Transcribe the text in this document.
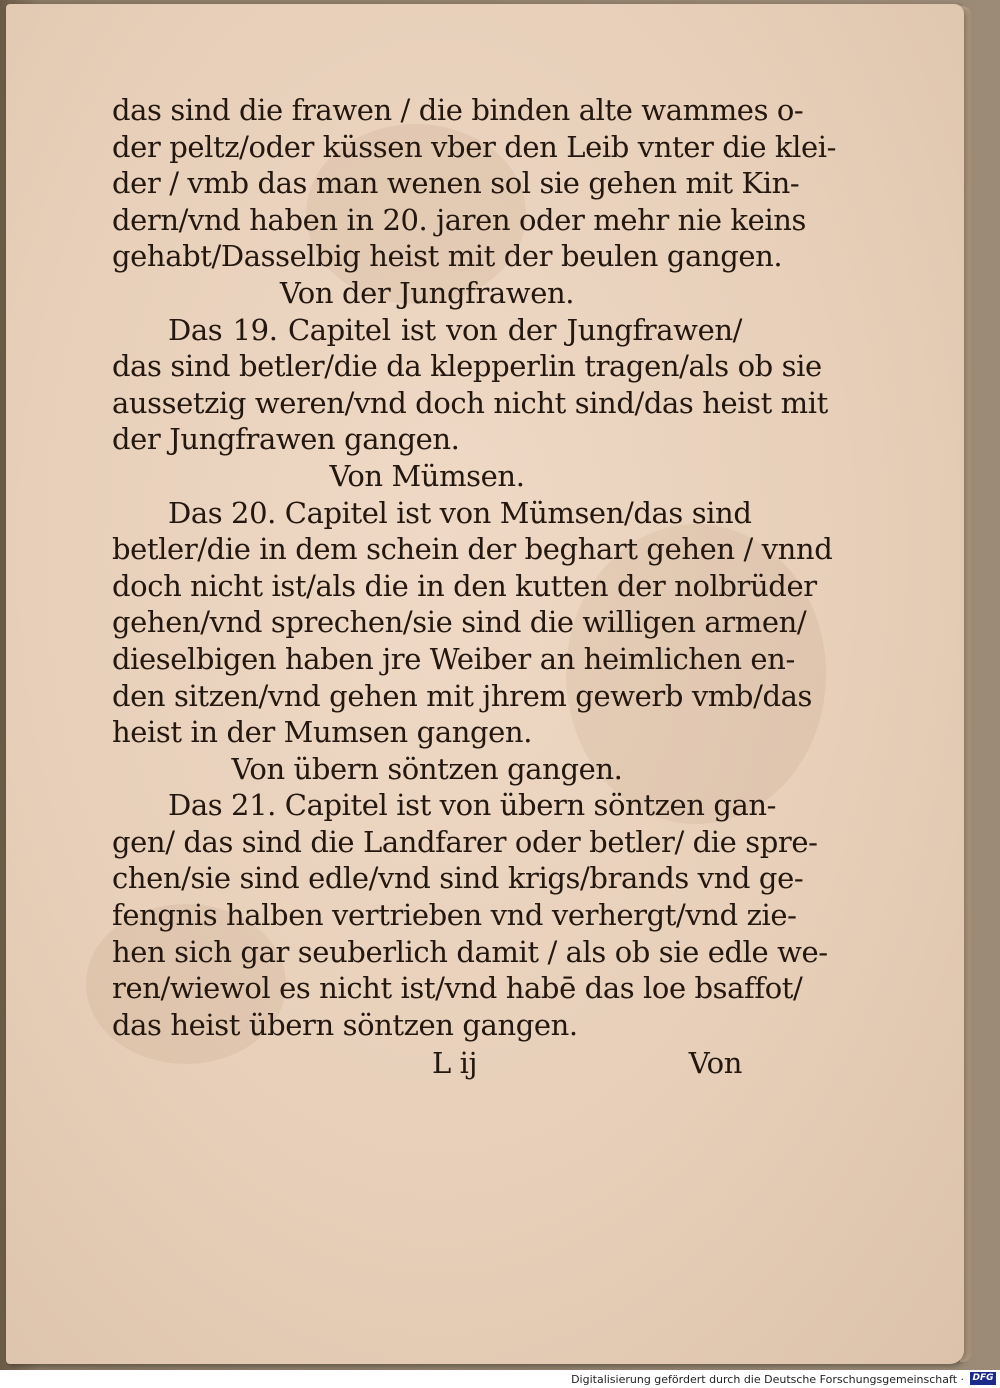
das sind die frawen / die binden alte wammes o-
der peltz/oder küssen vber den Leib vnter die klei-
der / vmb das man wenen sol sie gehen mit Kin-
dern/vnd haben in 20. jaren oder mehr nie keins
gehabt/Dasselbig heist mit der beulen gangen.
Von der Jungfrawen.
Das 19. Capitel ist von der Jungfrawen/
das sind betler/die da klepperlin tragen/als ob sie
aussetzig weren/vnd doch nicht sind/das heist mit
der Jungfrawen gangen.
Von Mümsen.
Das 20. Capitel ist von Mümsen/das sind
betler/die in dem schein der beghart gehen / vnnd
doch nicht ist/als die in den kutten der nolbrüder
gehen/vnd sprechen/sie sind die willigen armen/
dieselbigen haben jre Weiber an heimlichen en-
den sitzen/vnd gehen mit jhrem gewerb vmb/das
heist in der Mumsen gangen.
Von übern söntzen gangen.
Das 21. Capitel ist von übern söntzen gan-
gen/ das sind die Landfarer oder betler/ die spre-
chen/sie sind edle/vnd sind krigs/brands vnd ge-
fengnis halben vertrieben vnd verhergt/vnd zie-
hen sich gar seuberlich damit / als ob sie edle we-
ren/wiewol es nicht ist/vnd habē das loe bsaffot/
das heist übern söntzen gangen.
L ij	Von
Digitalisierung gefördert durch die Deutsche Forschungsgemeinschaft · DFG
